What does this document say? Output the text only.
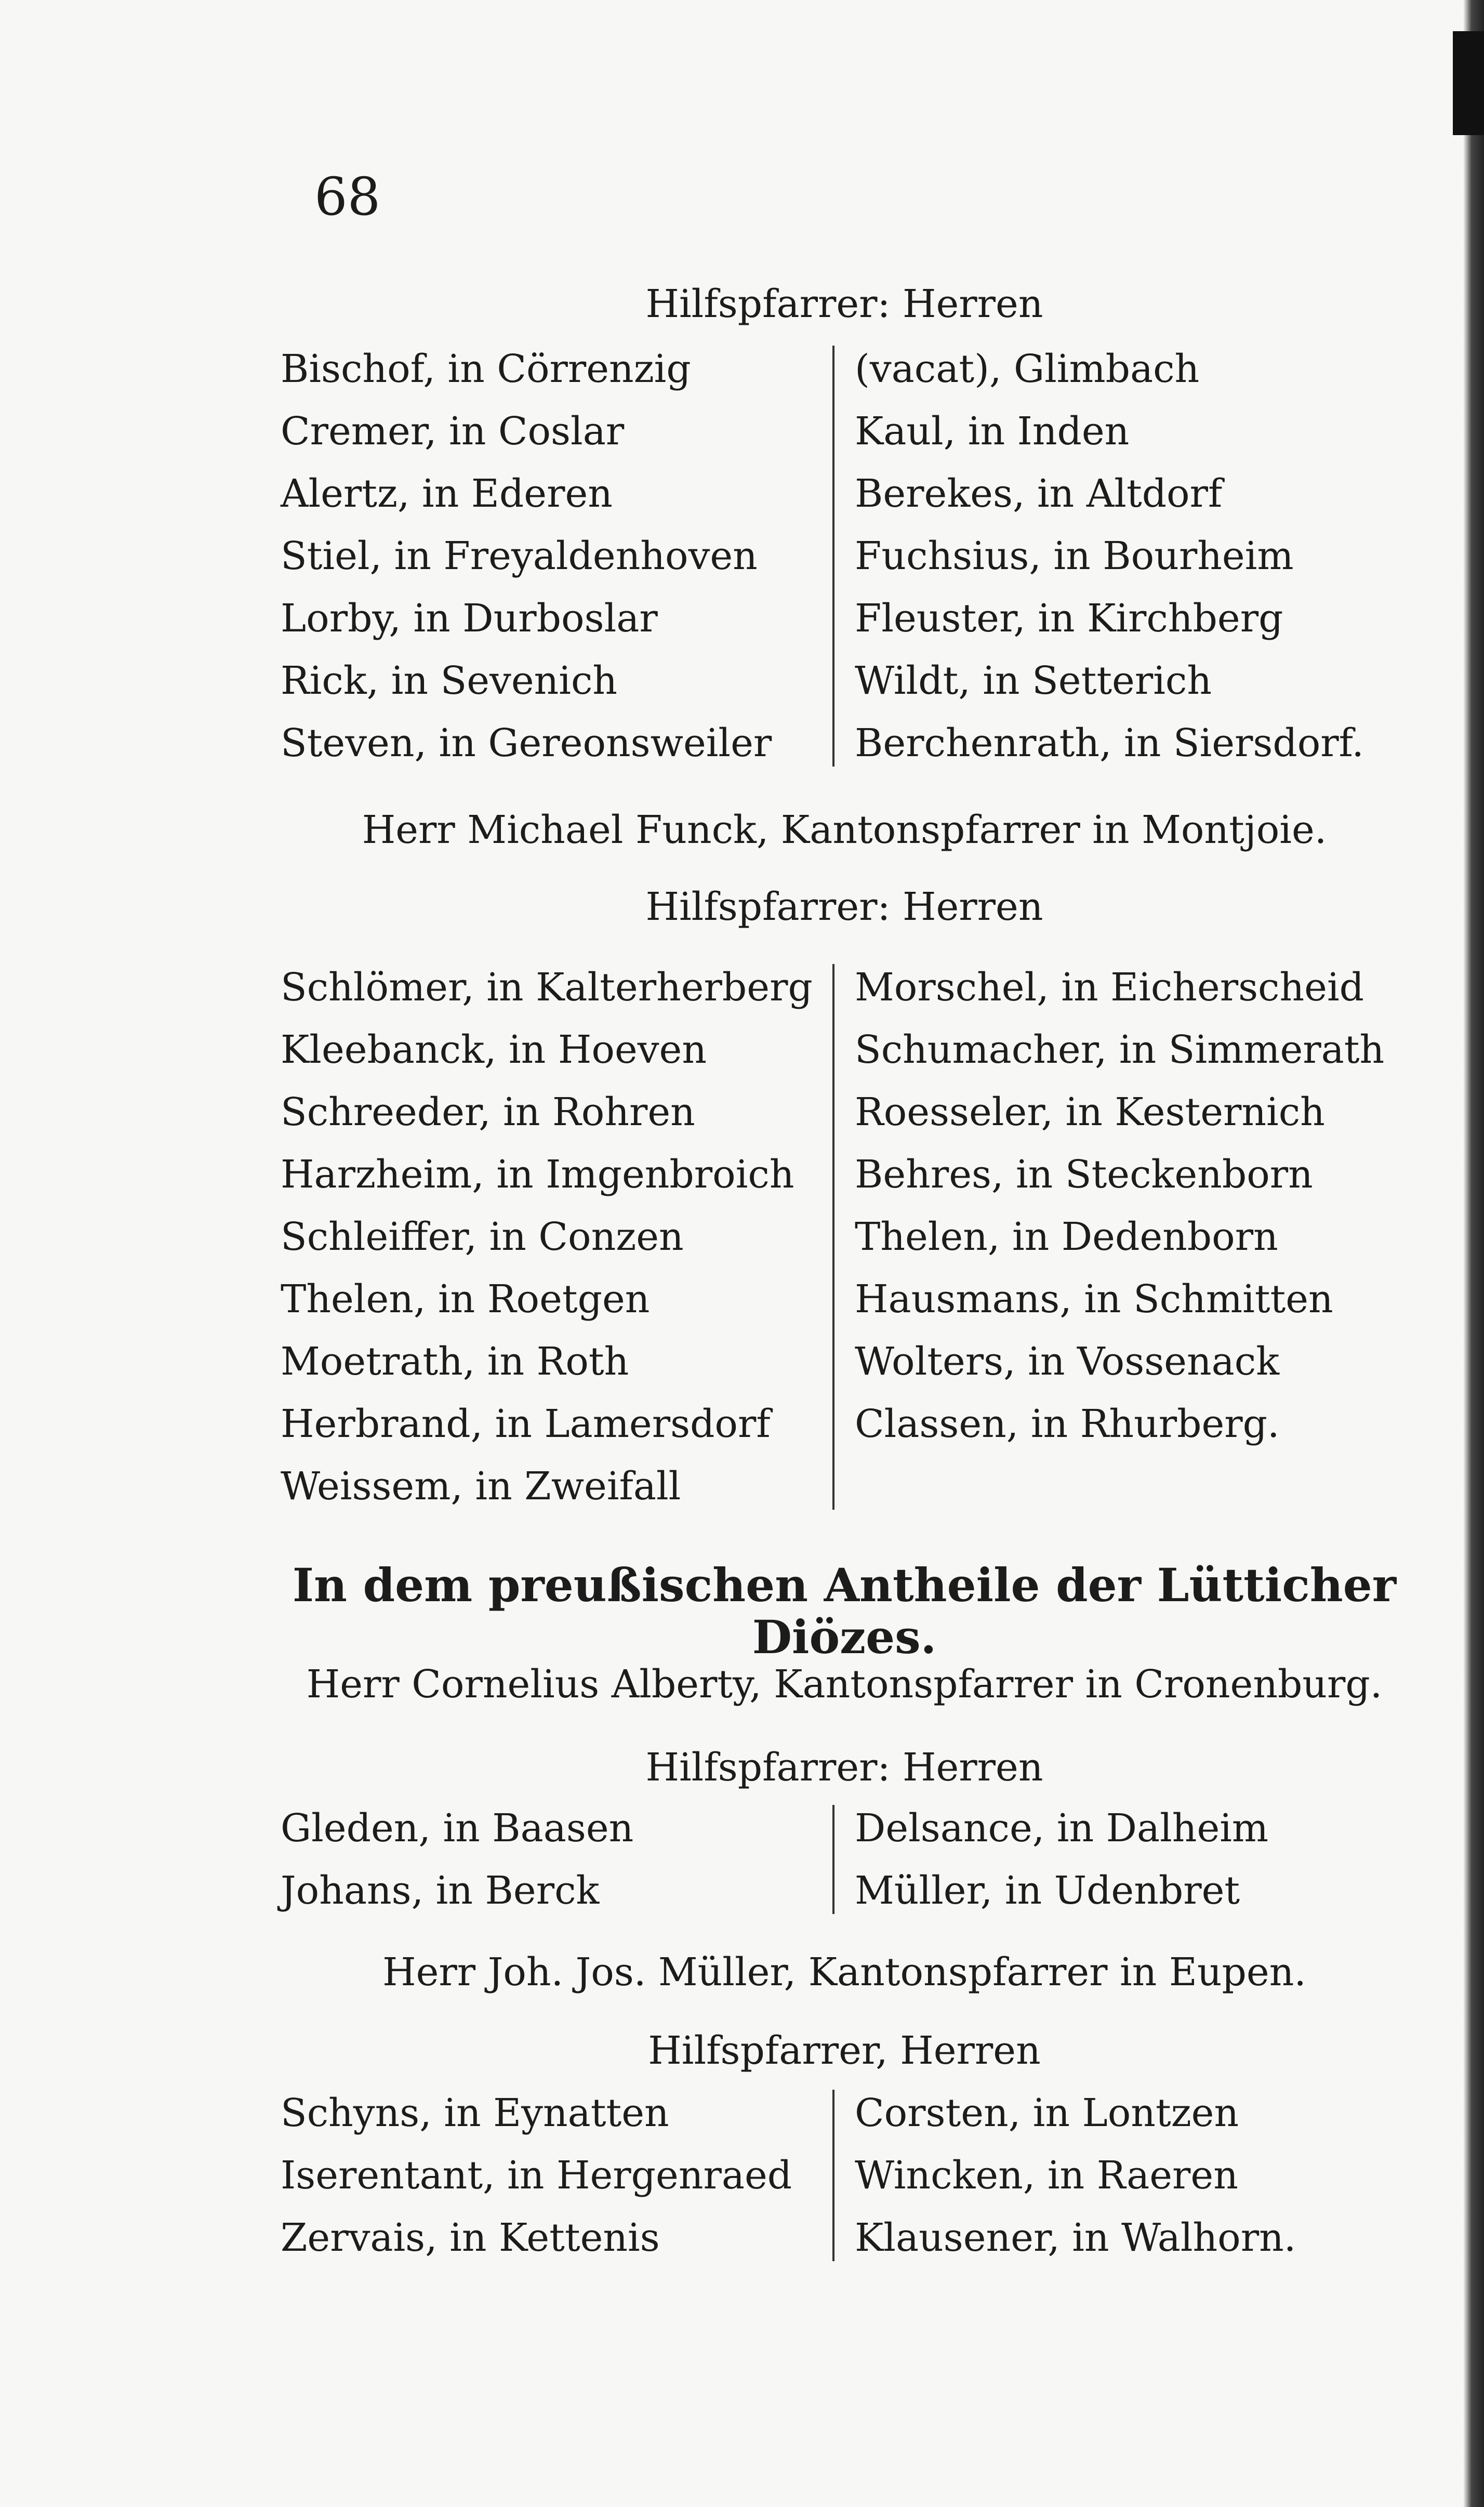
68
Hilfspfarrer: Herren
Bischof, in Cörrenzig	(vacat), Glimbach
Cremer, in Coslar	Kaul, in Inden
Alertz, in Ederen	Berekes, in Altdorf
Stiel, in Freyaldenhoven	Fuchsius, in Bourheim
Lorby, in Durboslar	Fleuster, in Kirchberg
Rick, in Sevenich	Wildt, in Setterich
Steven, in Gereonsweiler	Berchenrath, in Siersdorf.
Herr Michael Funck, Kantonspfarrer in Montjoie.
Hilfspfarrer: Herren
Schlömer, in Kalterherberg	Morschel, in Eicherscheid
Kleebanck, in Hoeven	Schumacher, in Simmerath
Schreeder, in Rohren	Roesseler, in Kesternich
Harzheim, in Imgenbroich	Behres, in Steckenborn
Schleiffer, in Conzen	Thelen, in Dedenborn
Thelen, in Roetgen	Hausmans, in Schmitten
Moetrath, in Roth	Wolters, in Vossenack
Herbrand, in Lamersdorf	Classen, in Rhurberg.
Weissem, in Zweifall
In dem preußischen Antheile der Lütticher Diözes.
Herr Cornelius Alberty, Kantonspfarrer in Cronenburg.
Hilfspfarrer: Herren
Gleden, in Baasen	Delsance, in Dalheim
Johans, in Berck	Müller, in Udenbret
Herr Joh. Jos. Müller, Kantonspfarrer in Eupen.
Hilfspfarrer, Herren
Schyns, in Eynatten	Corsten, in Lontzen
Iserentant, in Hergenraed	Wincken, in Raeren
Zervais, in Kettenis	Klausener, in Walhorn.
